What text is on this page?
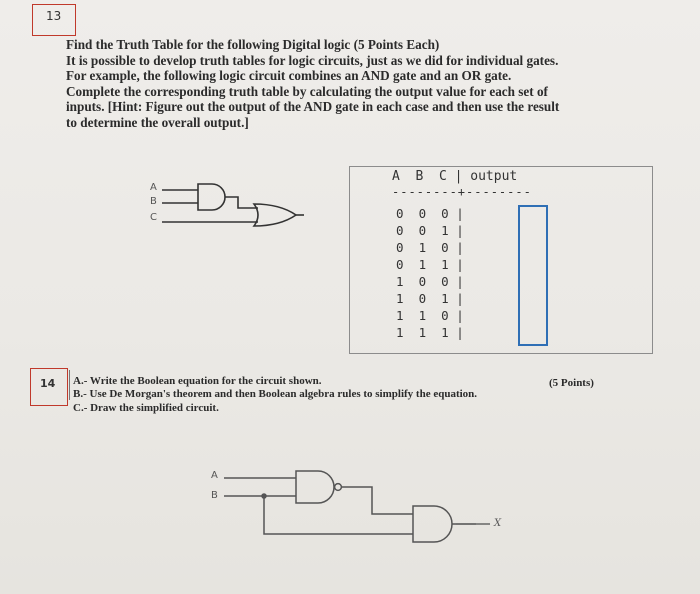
13
Find the Truth Table for the following Digital logic (5 Points Each)
It is possible to develop truth tables for logic circuits, just as we did for individual gates.
For example, the following logic circuit combines an AND gate and an OR gate.
Complete the corresponding truth table by calculating the output value for each set of
inputs. [Hint: Figure out the output of the AND gate in each case and then use the result
to determine the overall output.]
A
B
C
A  B  C | output
--------+--------
0  0  0 |
0  0  1 |
0  1  0 |
0  1  1 |
1  0  0 |
1  0  1 |
1  1  0 |
1  1  1 |
14 A.- Write the Boolean equation for the circuit shown.
B.- Use De Morgan's theorem and then Boolean algebra rules to simplify the equation.
C.- Draw the simplified circuit.
(5 Points)
A
B
X
